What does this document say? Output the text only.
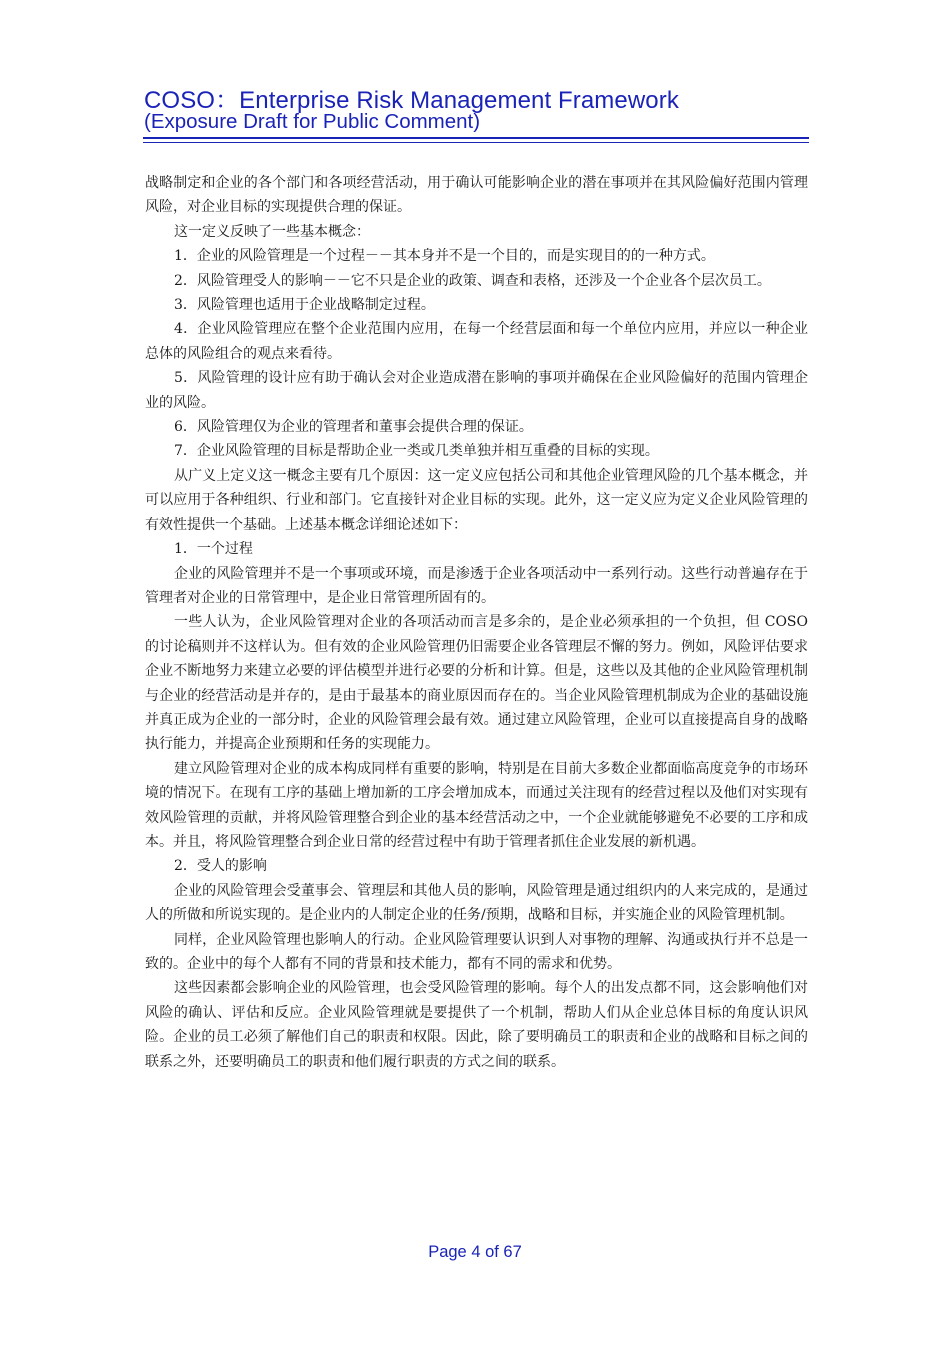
COSO：Enterprise Risk Management Framework
(Exposure Draft for Public Comment)

战略制定和企业的各个部门和各项经营活动，用于确认可能影响企业的潜在事项并在其风险偏好范围内管理风险，对企业目标的实现提供合理的保证。

这一定义反映了一些基本概念：

1．企业的风险管理是一个过程－－其本身并不是一个目的，而是实现目的的一种方式。

2．风险管理受人的影响－－它不只是企业的政策、调查和表格，还涉及一个企业各个层次员工。

3．风险管理也适用于企业战略制定过程。

4．企业风险管理应在整个企业范围内应用，在每一个经营层面和每一个单位内应用，并应以一种企业总体的风险组合的观点来看待。

5．风险管理的设计应有助于确认会对企业造成潜在影响的事项并确保在企业风险偏好的范围内管理企业的风险。

6．风险管理仅为企业的管理者和董事会提供合理的保证。

7．企业风险管理的目标是帮助企业一类或几类单独并相互重叠的目标的实现。

从广义上定义这一概念主要有几个原因：这一定义应包括公司和其他企业管理风险的几个基本概念，并可以应用于各种组织、行业和部门。它直接针对企业目标的实现。此外，这一定义应为定义企业风险管理的有效性提供一个基础。上述基本概念详细论述如下：

1．一个过程

企业的风险管理并不是一个事项或环境，而是渗透于企业各项活动中一系列行动。这些行动普遍存在于管理者对企业的日常管理中，是企业日常管理所固有的。

一些人认为，企业风险管理对企业的各项活动而言是多余的，是企业必须承担的一个负担，但 COSO 的讨论稿则并不这样认为。但有效的企业风险管理仍旧需要企业各管理层不懈的努力。例如，风险评估要求企业不断地努力来建立必要的评估模型并进行必要的分析和计算。但是，这些以及其他的企业风险管理机制与企业的经营活动是并存的，是由于最基本的商业原因而存在的。当企业风险管理机制成为企业的基础设施并真正成为企业的一部分时，企业的风险管理会最有效。通过建立风险管理，企业可以直接提高自身的战略执行能力，并提高企业预期和任务的实现能力。

建立风险管理对企业的成本构成同样有重要的影响，特别是在目前大多数企业都面临高度竞争的市场环境的情况下。在现有工序的基础上增加新的工序会增加成本，而通过关注现有的经营过程以及他们对实现有效风险管理的贡献，并将风险管理整合到企业的基本经营活动之中，一个企业就能够避免不必要的工序和成本。并且，将风险管理整合到企业日常的经营过程中有助于管理者抓住企业发展的新机遇。

2．受人的影响

企业的风险管理会受董事会、管理层和其他人员的影响，风险管理是通过组织内的人来完成的，是通过人的所做和所说实现的。是企业内的人制定企业的任务/预期，战略和目标，并实施企业的风险管理机制。

同样，企业风险管理也影响人的行动。企业风险管理要认识到人对事物的理解、沟通或执行并不总是一致的。企业中的每个人都有不同的背景和技术能力，都有不同的需求和优势。

这些因素都会影响企业的风险管理，也会受风险管理的影响。每个人的出发点都不同，这会影响他们对风险的确认、评估和反应。企业风险管理就是要提供了一个机制，帮助人们从企业总体目标的角度认识风险。企业的员工必须了解他们自己的职责和权限。因此，除了要明确员工的职责和企业的战略和目标之间的联系之外，还要明确员工的职责和他们履行职责的方式之间的联系。

Page 4 of 67
